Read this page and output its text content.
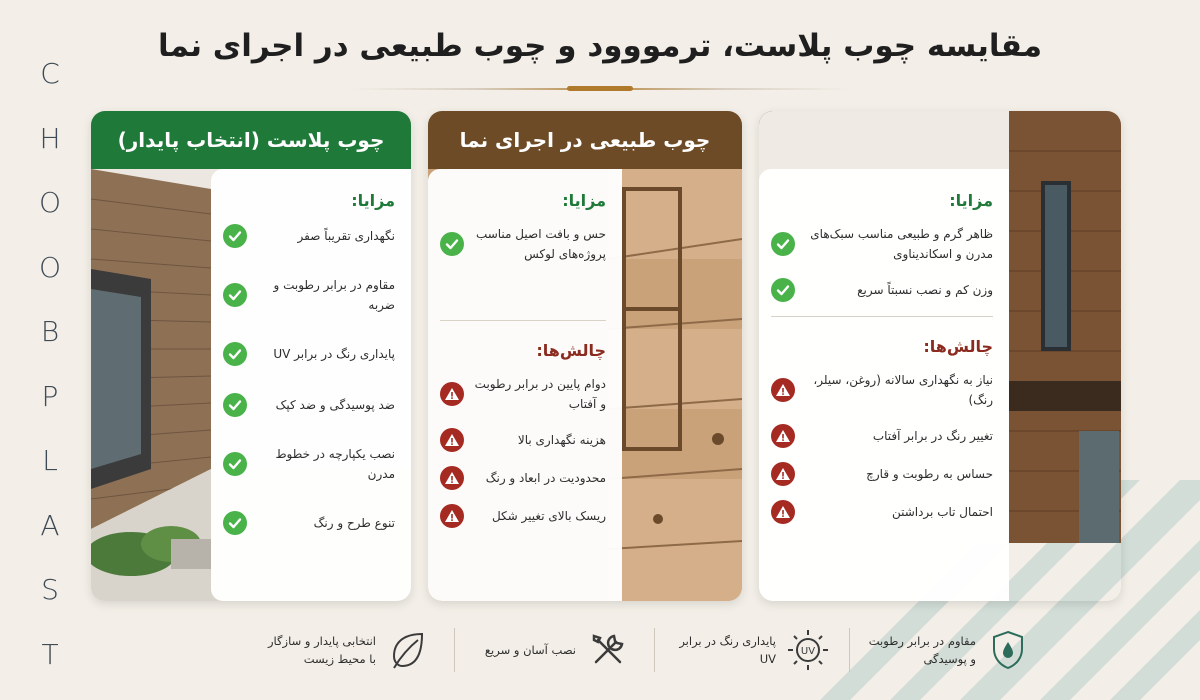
C
H
O
O
B
P
L
A
S
T
مقایسه چوب پلاست، ترمووود و چوب طبیعی در اجرای نما
چوب پلاست (انتخاب پایدار)
مزایا:
نگهداری تقریباً صفر
مقاوم در برابر رطوبت و ضربه
پایداری رنگ در برابر UV
ضد پوسیدگی و ضد کپک
نصب یکپارچه در خطوط مدرن
تنوع طرح و رنگ
چوب طبیعی در اجرای نما
مزایا:
حس و بافت اصیل مناسب پروژه‌های لوکس
چالش‌ها:
دوام پایین در برابر رطوبت و آفتاب
هزینه نگهداری بالا
محدودیت در ابعاد و رنگ
ریسک بالای تغییر شکل
مزایا:
ظاهر گرم و طبیعی مناسب سبک‌های مدرن و اسکاندیناوی
وزن کم و نصب نسبتاً سریع
چالش‌ها:
نیاز به نگهداری سالانه (روغن، سیلر، رنگ)
تغییر رنگ در برابر آفتاب
حساس به رطوبت و قارچ
احتمال تاب برداشتن
مقاوم در برابر رطوبت و پوسیدگی
UV
پایداری رنگ در برابر UV
نصب آسان و سریع
انتخابی پایدار و سازگار با محیط زیست
